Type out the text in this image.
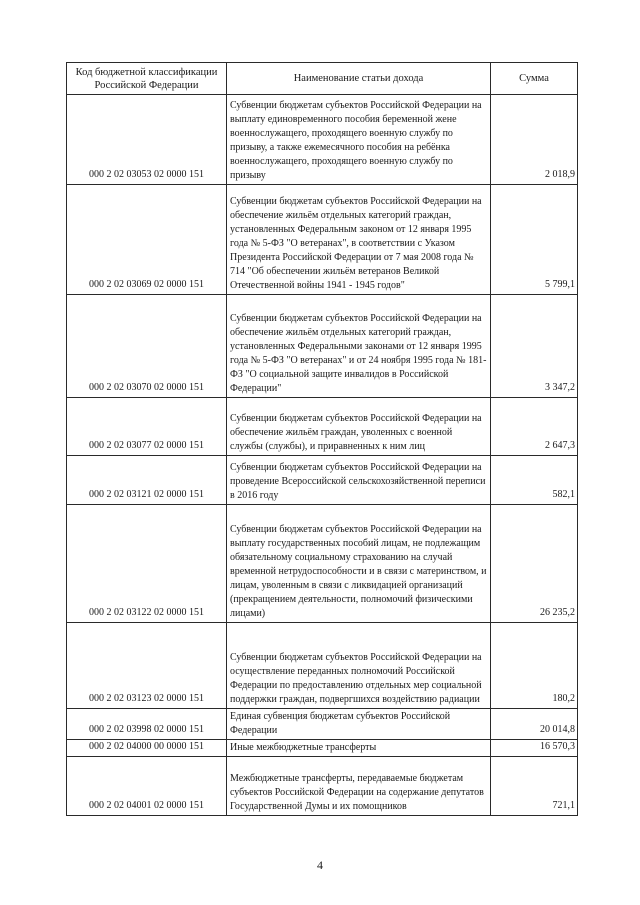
Код бюджетной классификации Российской Федерации	Наименование статьи дохода	Сумма
000 2 02 03053 02 0000 151	Субвенции бюджетам субъектов Российской Федерации на выплату единовременного пособия беременной жене военнослужащего, проходящего военную службу по призыву, а также ежемесячного пособия на ребёнка военнослужащего, проходящего военную службу по призыву	2 018,9
000 2 02 03069 02 0000 151	Субвенции бюджетам субъектов Российской Федерации на обеспечение жильём отдельных категорий граждан, установленных Федеральным законом от 12 января 1995 года № 5-ФЗ "О ветеранах", в соответствии с Указом Президента Российской Федерации от 7 мая 2008 года № 714 "Об обеспечении жильём ветеранов Великой Отечественной войны 1941 - 1945 годов"	5 799,1
000 2 02 03070 02 0000 151	Субвенции бюджетам субъектов Российской Федерации на обеспечение жильём отдельных категорий граждан, установленных Федеральными законами от 12 января 1995 года № 5-ФЗ "О ветеранах" и от 24 ноября 1995 года № 181-ФЗ "О социальной защите инвалидов в Российской Федерации"	3 347,2
000 2 02 03077 02 0000 151	Субвенции бюджетам субъектов Российской Федерации на обеспечение жильём граждан, уволенных с военной службы (службы), и приравненных к ним лиц	2 647,3
000 2 02 03121 02 0000 151	Субвенции бюджетам субъектов Российской Федерации на проведение Всероссийской сельскохозяйственной переписи в 2016 году	582,1
000 2 02 03122 02 0000 151	Субвенции бюджетам субъектов Российской Федерации на выплату государственных пособий лицам, не подлежащим обязательному социальному страхованию на случай временной нетрудоспособности и в связи с материнством, и лицам, уволенным в связи с ликвидацией организаций (прекращением деятельности, полномочий физическими лицами)	26 235,2
000 2 02 03123 02 0000 151	Субвенции бюджетам субъектов Российской Федерации на осуществление переданных полномочий Российской Федерации по предоставлению отдельных мер социальной поддержки граждан, подвергшихся воздействию радиации	180,2
000 2 02 03998 02 0000 151	Единая субвенция бюджетам субъектов Российской Федерации	20 014,8
000 2 02 04000 00 0000 151	Иные межбюджетные трансферты	16 570,3
000 2 02 04001 02 0000 151	Межбюджетные трансферты, передаваемые бюджетам субъектов Российской Федерации на содержание депутатов Государственной Думы и их помощников	721,1
4
